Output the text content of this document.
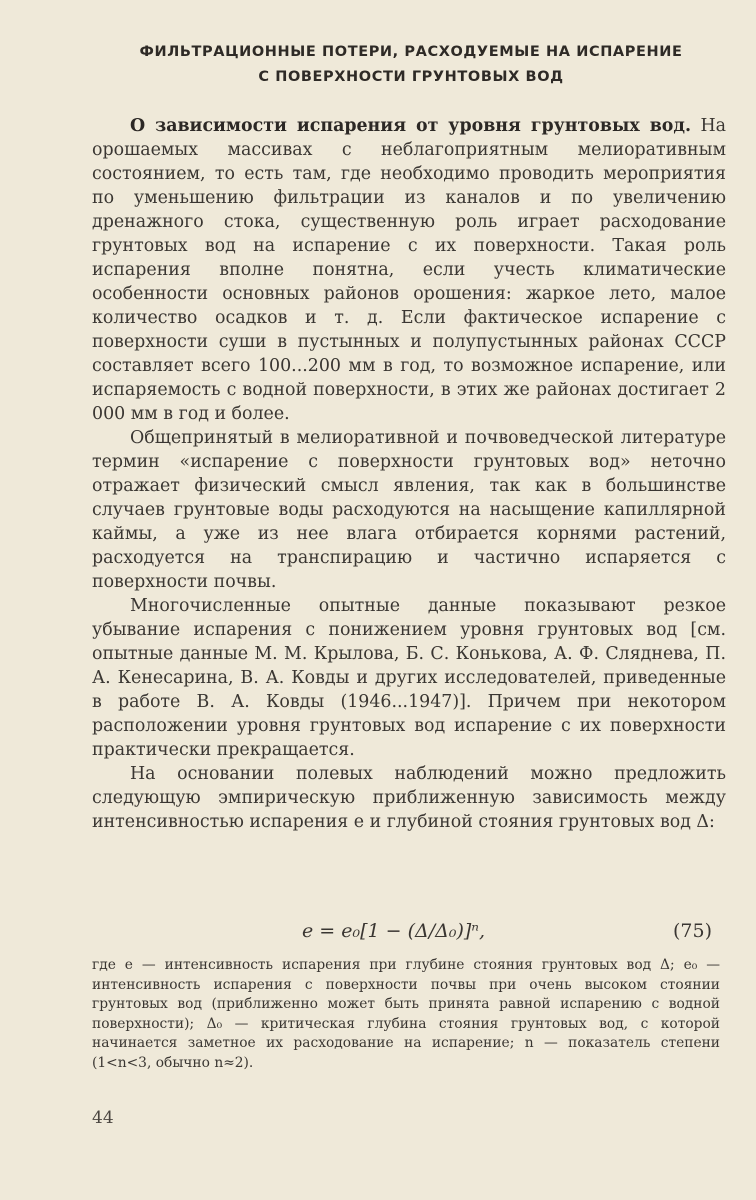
ФИЛЬТРАЦИОННЫЕ ПОТЕРИ, РАСХОДУЕМЫЕ НА ИСПАРЕНИЕ
С ПОВЕРХНОСТИ ГРУНТОВЫХ ВОД

О зависимости испарения от уровня грунтовых вод. На орошаемых массивах с неблагоприятным мелиоративным состоянием, то есть там, где необходимо проводить мероприятия по уменьшению фильтрации из каналов и по увеличению дренажного стока, существенную роль играет расходование грунтовых вод на испарение с их поверхности. Такая роль испарения вполне понятна, если учесть климатические особенности основных районов орошения: жаркое лето, малое количество осадков и т. д. Если фактическое испарение с поверхности суши в пустынных и полупустынных районах СССР составляет всего 100...200 мм в год, то возможное испарение, или испаряемость с водной поверхности, в этих же районах достигает 2 000 мм в год и более.

Общепринятый в мелиоративной и почвоведческой литературе термин «испарение с поверхности грунтовых вод» неточно отражает физический смысл явления, так как в большинстве случаев грунтовые воды расходуются на насыщение капиллярной каймы, а уже из нее влага отбирается корнями растений, расходуется на транспирацию и частично испаряется с поверхности почвы.

Многочисленные опытные данные показывают резкое убывание испарения с понижением уровня грунтовых вод [см. опытные данные М. М. Крылова, Б. С. Конькова, А. Ф. Сляднева, П. А. Кенесарина, В. А. Ковды и других исследователей, приведенные в работе В. А. Ковды (1946...1947)]. Причем при некотором расположении уровня грунтовых вод испарение с их поверхности практически прекращается.

На основании полевых наблюдений можно предложить следующую эмпирическую приближенную зависимость между интенсивностью испарения e и глубиной стояния грунтовых вод Δ:

e = e₀[1 − (Δ/Δ₀)]ⁿ,	(75)

где e — интенсивность испарения при глубине стояния грунтовых вод Δ; e₀ — интенсивность испарения с поверхности почвы при очень высоком стоянии грунтовых вод (приближенно может быть принята равной испарению с водной поверхности); Δ₀ — критическая глубина стояния грунтовых вод, с которой начинается заметное их расходование на испарение; n — показатель степени (1<n<3, обычно n≈2).

44
